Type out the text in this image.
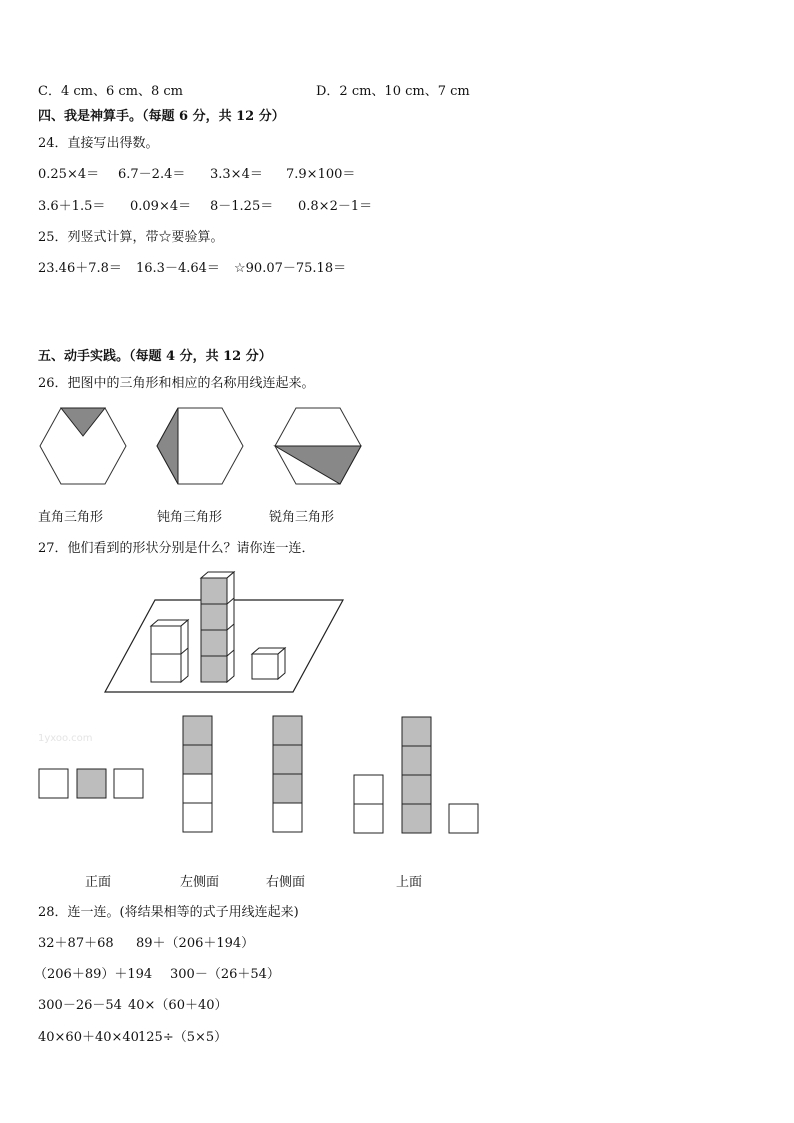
C．4 cm、6 cm、8 cm	D．2 cm、10 cm、7 cm
四、我是神算手。（每题 6 分，共 12 分）
24．直接写出得数。
0.25×4＝ 6.7－2.4＝ 3.3×4＝ 7.9×100＝
3.6＋1.5＝ 0.09×4＝ 8－1.25＝ 0.8×2－1＝
25．列竖式计算，带☆要验算。
23.46＋7.8＝ 16.3－4.64＝ ☆90.07－75.18＝
五、动手实践。（每题 4 分，共 12 分）
26．把图中的三角形和相应的名称用线连起来。
直角三角形	钝角三角形	锐角三角形
27．他们看到的形状分别是什么？请你连一连．
1yxoo.com
正面	左侧面	右侧面	上面
28．连一连。(将结果相等的式子用线连起来)
32＋87＋68 89＋（206＋194）
（206＋89）＋194 300－（26＋54）
300－26－54 40×（60＋40）
40×60＋40×40 125÷（5×5）
